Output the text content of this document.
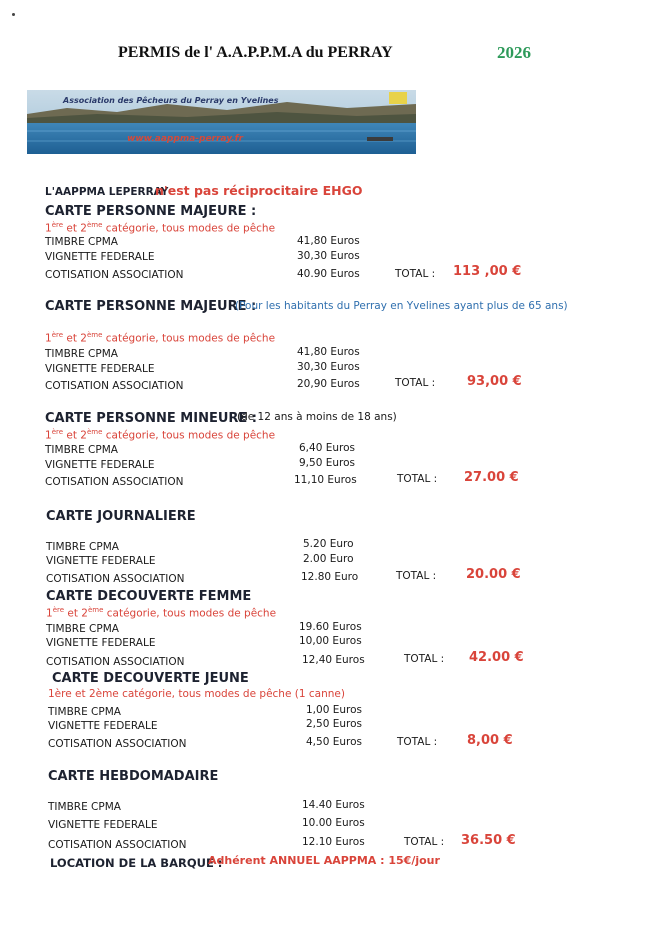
PERMIS de l' A.A.P.P.M.A du PERRAY	2026
Association des Pêcheurs du Perray en Yvelines
www.aappma-perray.fr
L'AAPPMA LEPERRAY
n'est pas réciprocitaire EHGO
CARTE PERSONNE MAJEURE :
1ère et 2ème catégorie, tous modes de pêche
TIMBRE CPMA	41,80 Euros
VIGNETTE FEDERALE	30,30 Euros
COTISATION ASSOCIATION	40.90 Euros	TOTAL : 113 ,00 €
CARTE PERSONNE MAJEURE :
(Pour les habitants du Perray en Yvelines ayant plus de 65 ans)
1ère et 2ème catégorie, tous modes de pêche
TIMBRE CPMA	41,80 Euros
VIGNETTE FEDERALE	30,30 Euros
COTISATION ASSOCIATION	20,90 Euros	TOTAL : 93,00 €
CARTE PERSONNE MINEURE :
(de 12 ans à moins de 18 ans)
1ère et 2ème catégorie, tous modes de pêche
TIMBRE CPMA	6,40 Euros
VIGNETTE FEDERALE	9,50 Euros
COTISATION ASSOCIATION	11,10 Euros	TOTAL : 27.00 €
CARTE JOURNALIERE
TIMBRE CPMA	5.20 Euro
VIGNETTE FEDERALE	2.00 Euro
COTISATION ASSOCIATION	12.80 Euro	TOTAL : 20.00 €
CARTE DECOUVERTE FEMME
1ère et 2ème catégorie, tous modes de pêche
TIMBRE CPMA	19.60 Euros
VIGNETTE FEDERALE	10,00 Euros
COTISATION ASSOCIATION	12,40 Euros	TOTAL : 42.00 €
CARTE DECOUVERTE JEUNE
1ère et 2ème catégorie, tous modes de pêche (1 canne)
TIMBRE CPMA	1,00 Euros
VIGNETTE FEDERALE	2,50 Euros
COTISATION ASSOCIATION	4,50 Euros	TOTAL : 8,00 €
CARTE HEBDOMADAIRE
TIMBRE CPMA	14.40 Euros
VIGNETTE FEDERALE	10.00 Euros
COTISATION ASSOCIATION	12.10 Euros	TOTAL : 36.50 €
LOCATION DE LA BARQUE :
Adhérent ANNUEL AAPPMA : 15€/jour
